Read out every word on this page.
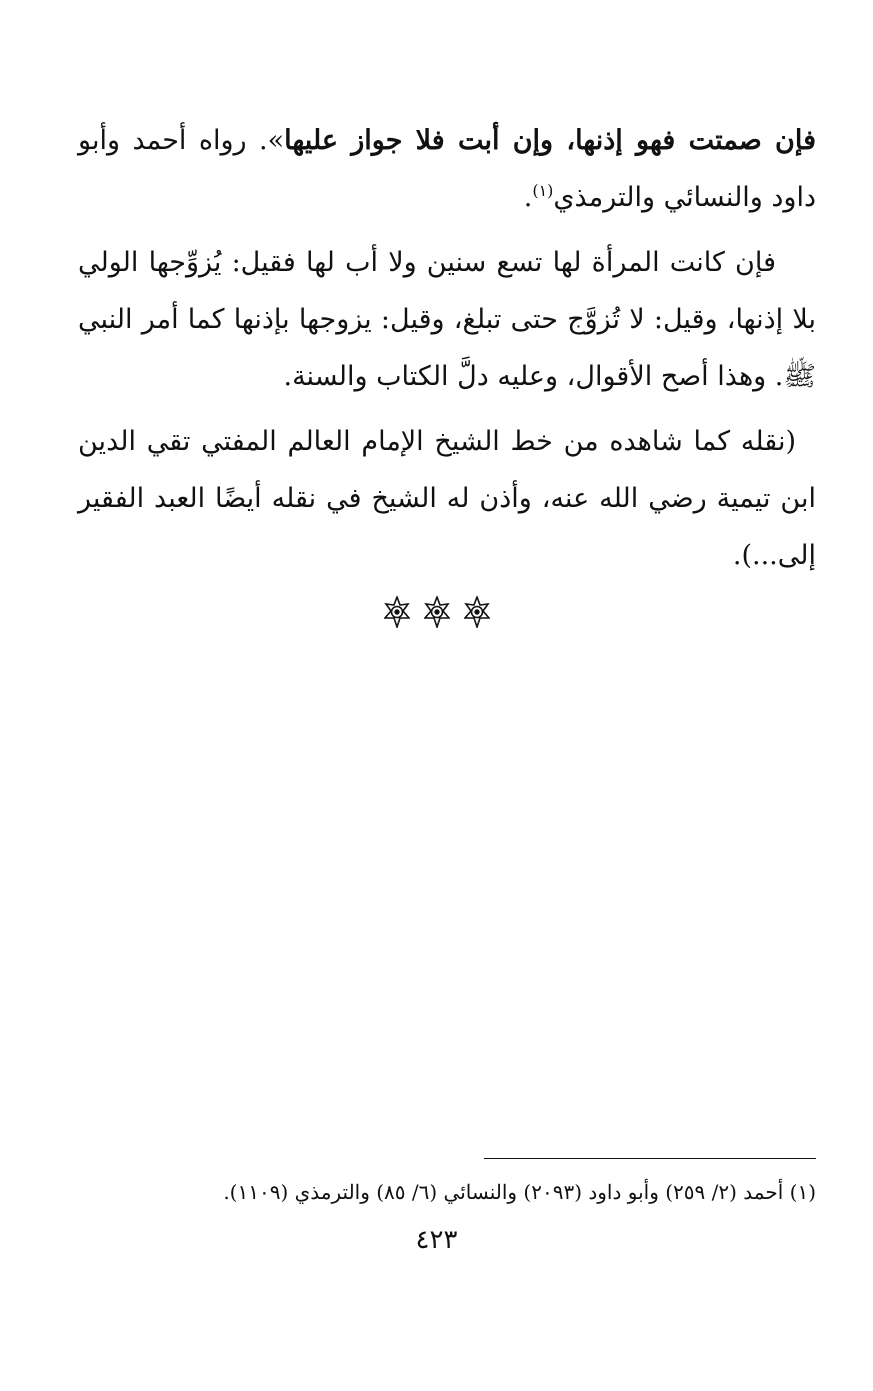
فإن صمتت فهو إذنها، وإن أبت فلا جواز عليها». رواه أحمد وأبو داود والنسائي والترمذي$^{(١)}$.

فإن كانت المرأة لها تسع سنين ولا أب لها فقيل: يُزوِّجها الولي بلا إذنها، وقيل: لا تُزوَّج حتى تبلغ، وقيل: يزوجها بإذنها كما أمر النبي ﷺ. وهذا أصح الأقوال، وعليه دلَّ الكتاب والسنة.

(نقله كما شاهده من خط الشيخ الإمام العالم المفتي تقي الدين ابن تيمية رضي الله عنه، وأذن له الشيخ في نقله أيضًا العبد الفقير إلى...).

(١) أحمد (٢/ ٢٥٩) وأبو داود (٢٠٩٣) والنسائي (٦/ ٨٥) والترمذي (١١٠٩).

٤٢٣
